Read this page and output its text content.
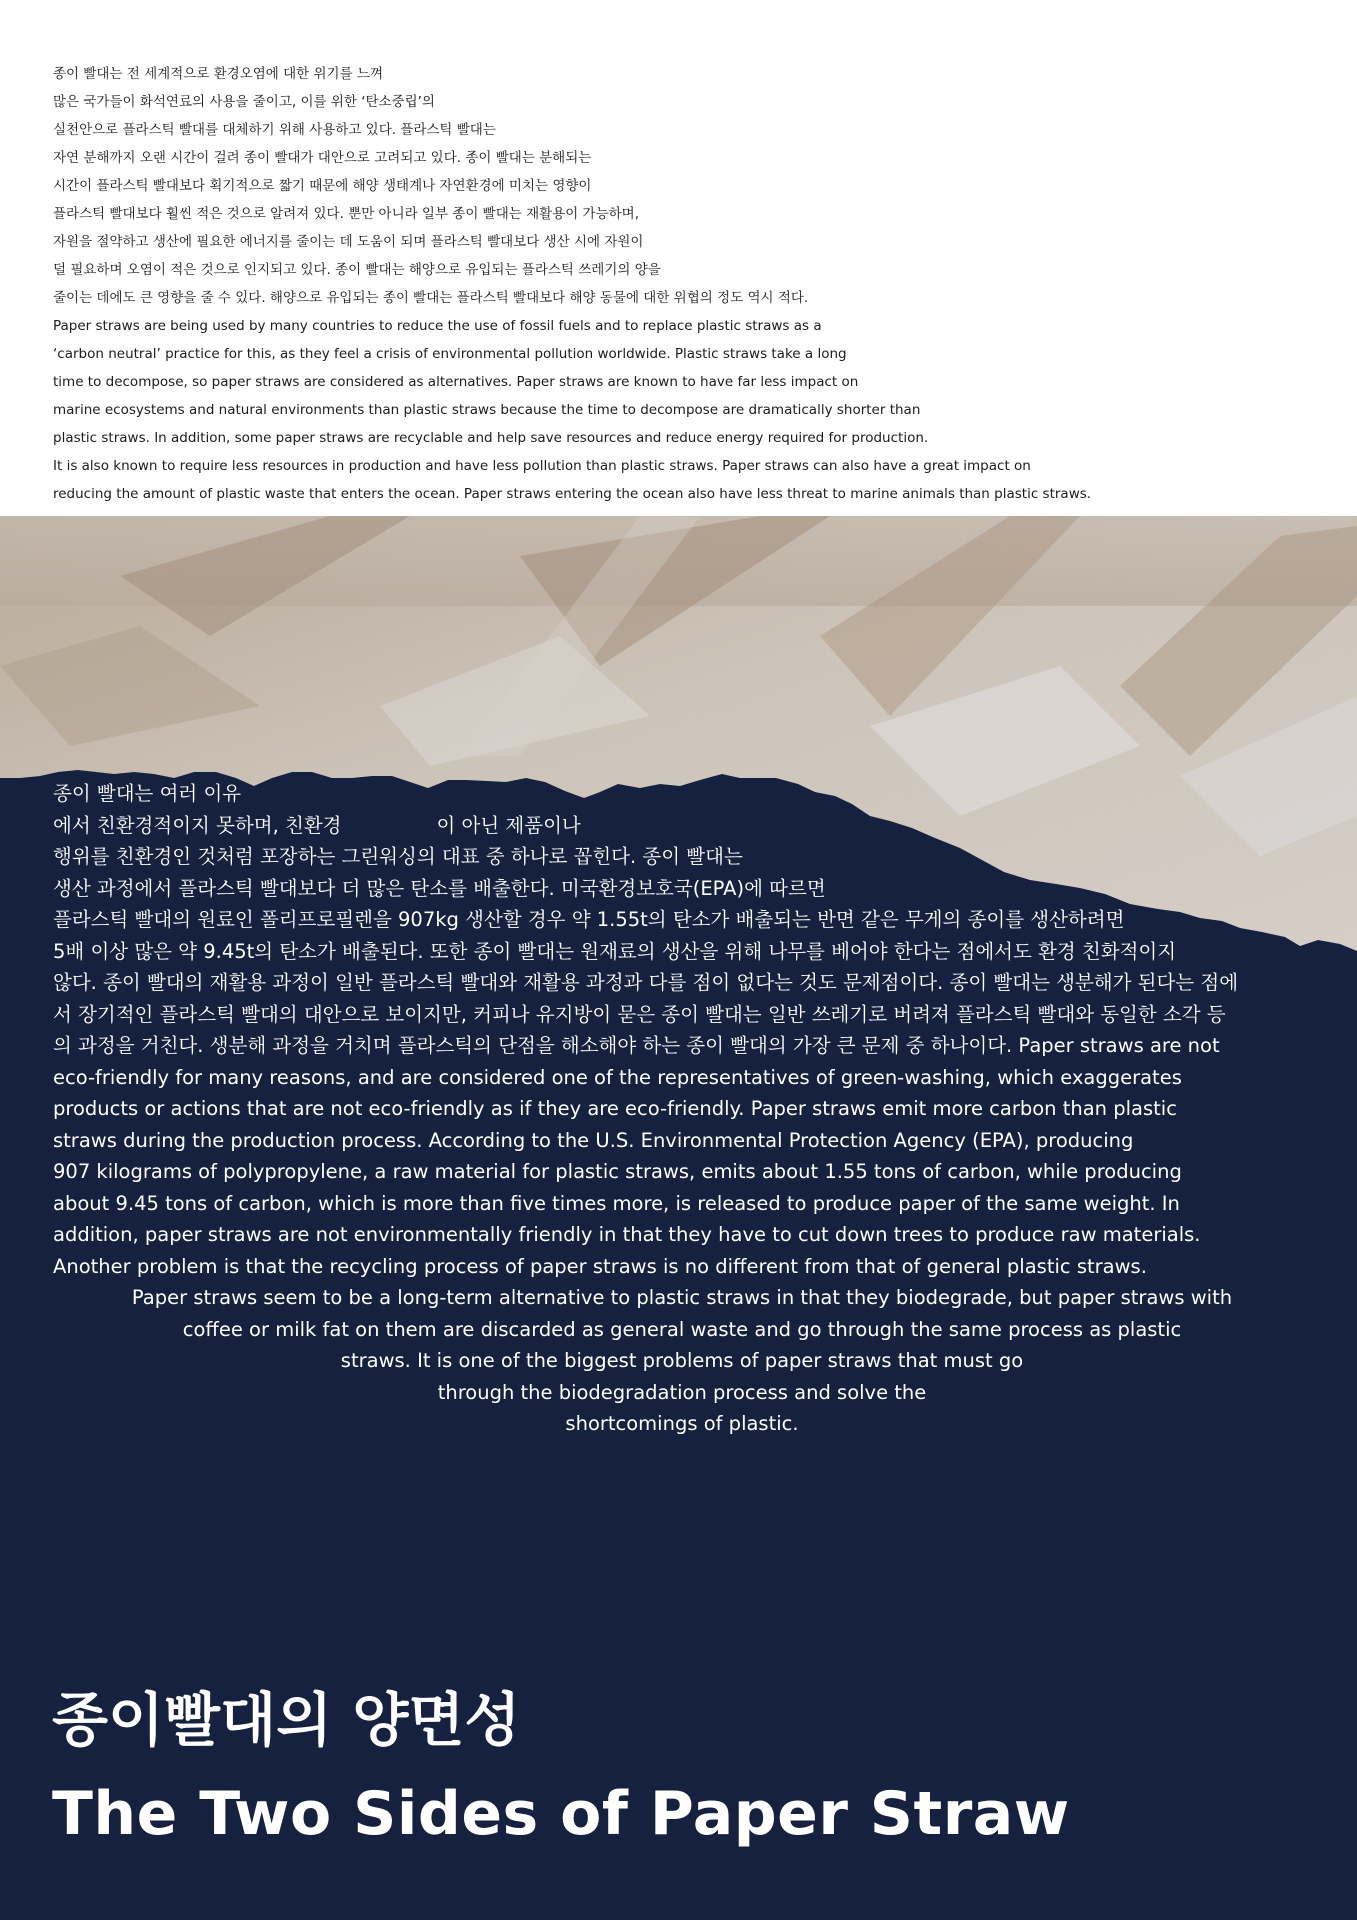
종이 빨대는 전 세계적으로 환경오염에 대한 위기를 느껴
많은 국가들이 화석연료의 사용을 줄이고, 이를 위한 ‘탄소중립’의
실천안으로 플라스틱 빨대를 대체하기 위해 사용하고 있다. 플라스틱 빨대는
자연 분해까지 오랜 시간이 걸려 종이 빨대가 대안으로 고려되고 있다. 종이 빨대는 분해되는
시간이 플라스틱 빨대보다 획기적으로 짧기 때문에 해양 생태계나 자연환경에 미치는 영향이
플라스틱 빨대보다 훨씬 적은 것으로 알려져 있다. 뿐만 아니라 일부 종이 빨대는 재활용이 가능하며,
자원을 절약하고 생산에 필요한 에너지를 줄이는 데 도움이 되며 플라스틱 빨대보다 생산 시에 자원이
덜 필요하며 오염이 적은 것으로 인지되고 있다. 종이 빨대는 해양으로 유입되는 플라스틱 쓰레기의 양을
줄이는 데에도 큰 영향을 줄 수 있다. 해양으로 유입되는 종이 빨대는 플라스틱 빨대보다 해양 동물에 대한 위협의 정도 역시 적다.
Paper straws are being used by many countries to reduce the use of fossil fuels and to replace plastic straws as a
‘carbon neutral’ practice for this, as they feel a crisis of environmental pollution worldwide. Plastic straws take a long
time to decompose, so paper straws are considered as alternatives. Paper straws are known to have far less impact on
marine ecosystems and natural environments than plastic straws because the time to decompose are dramatically shorter than
plastic straws. In addition, some paper straws are recyclable and help save resources and reduce energy required for production.
It is also known to require less resources in production and have less pollution than plastic straws. Paper straws can also have a great impact on
reducing the amount of plastic waste that enters the ocean. Paper straws entering the ocean also have less threat to marine animals than plastic straws.
종이 빨대는 여러 이유
에서 친환경적이지 못하며, 친환경	이 아닌 제품이나
행위를 친환경인 것처럼 포장하는 그린워싱의 대표 중 하나로 꼽힌다. 종이 빨대는
생산 과정에서 플라스틱 빨대보다 더 많은 탄소를 배출한다. 미국환경보호국(EPA)에 따르면
플라스틱 빨대의 원료인 폴리프로필렌을 907kg 생산할 경우 약 1.55t의 탄소가 배출되는 반면 같은 무게의 종이를 생산하려면
5배 이상 많은 약 9.45t의 탄소가 배출된다. 또한 종이 빨대는 원재료의 생산을 위해 나무를 베어야 한다는 점에서도 환경 친화적이지
않다. 종이 빨대의 재활용 과정이 일반 플라스틱 빨대와 재활용 과정과 다를 점이 없다는 것도 문제점이다. 종이 빨대는 생분해가 된다는 점에
서 장기적인 플라스틱 빨대의 대안으로 보이지만, 커피나 유지방이 묻은 종이 빨대는 일반 쓰레기로 버려져 플라스틱 빨대와 동일한 소각 등
의 과정을 거친다. 생분해 과정을 거치며 플라스틱의 단점을 해소해야 하는 종이 빨대의 가장 큰 문제 중 하나이다. Paper straws are not
eco-friendly for many reasons, and are considered one of the representatives of green-washing, which exaggerates
products or actions that are not eco-friendly as if they are eco-friendly. Paper straws emit more carbon than plastic
straws during the production process. According to the U.S. Environmental Protection Agency (EPA), producing
907 kilograms of polypropylene, a raw material for plastic straws, emits about 1.55 tons of carbon, while producing
about 9.45 tons of carbon, which is more than five times more, is released to produce paper of the same weight. In
addition, paper straws are not environmentally friendly in that they have to cut down trees to produce raw materials.
Another problem is that the recycling process of paper straws is no different from that of general plastic straws.
Paper straws seem to be a long-term alternative to plastic straws in that they biodegrade, but paper straws with
coffee or milk fat on them are discarded as general waste and go through the same process as plastic
straws. It is one of the biggest problems of paper straws that must go
through the biodegradation process and solve the
shortcomings of plastic.
종이빨대의 양면성
The Two Sides of Paper Straw
